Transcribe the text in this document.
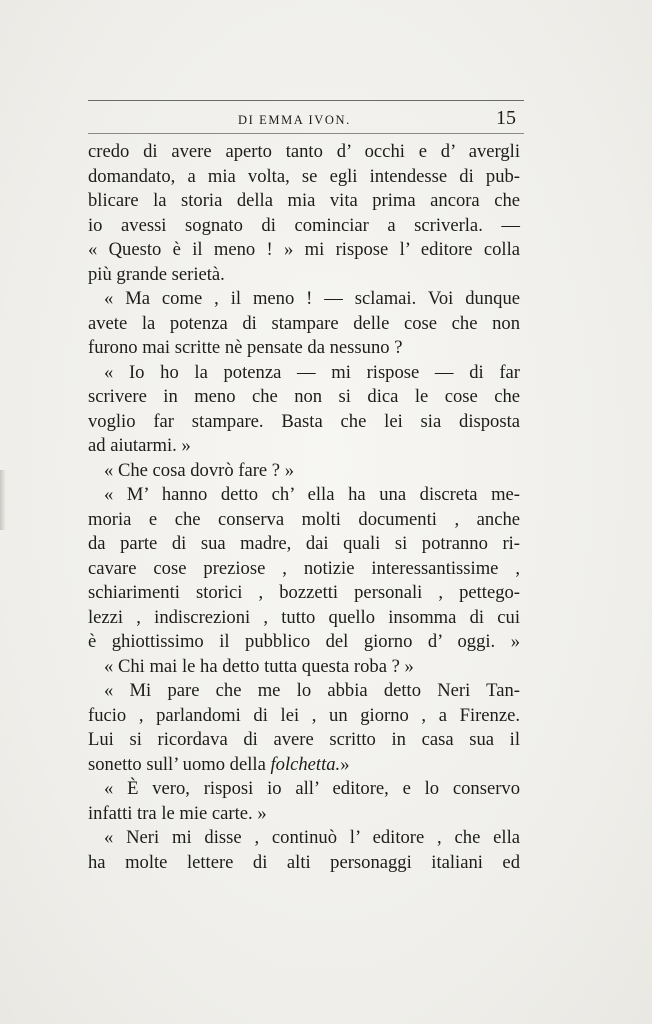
DI EMMA IVON.	15
credo di avere aperto tanto d’ occhi e d’ avergli
domandato, a mia volta, se egli intendesse di pub-
blicare la storia della mia vita prima ancora che
io avessi sognato di cominciar a scriverla. —
« Questo è il meno ! » mi rispose l’ editore colla
più grande serietà.
« Ma come , il meno ! — sclamai. Voi dunque
avete la potenza di stampare delle cose che non
furono mai scritte nè pensate da nessuno ?
« Io ho la potenza — mi rispose — di far
scrivere in meno che non si dica le cose che
voglio far stampare. Basta che lei sia disposta
ad aiutarmi. »
« Che cosa dovrò fare ? »
« M’ hanno detto ch’ ella ha una discreta me-
moria e che conserva molti documenti , anche
da parte di sua madre, dai quali si potranno ri-
cavare cose preziose , notizie interessantissime ,
schiarimenti storici , bozzetti personali , pettego-
lezzi , indiscrezioni , tutto quello insomma di cui
è ghiottissimo il pubblico del giorno d’ oggi. »
« Chi mai le ha detto tutta questa roba ? »
« Mi pare che me lo abbia detto Neri Tan-
fucio , parlandomi di lei , un giorno , a Firenze.
Lui si ricordava di avere scritto in casa sua il
sonetto sull’ uomo della folchetta.»
« È vero, risposi io all’ editore, e lo conservo
infatti tra le mie carte. »
« Neri mi disse , continuò l’ editore , che ella
ha molte lettere di alti personaggi italiani ed
